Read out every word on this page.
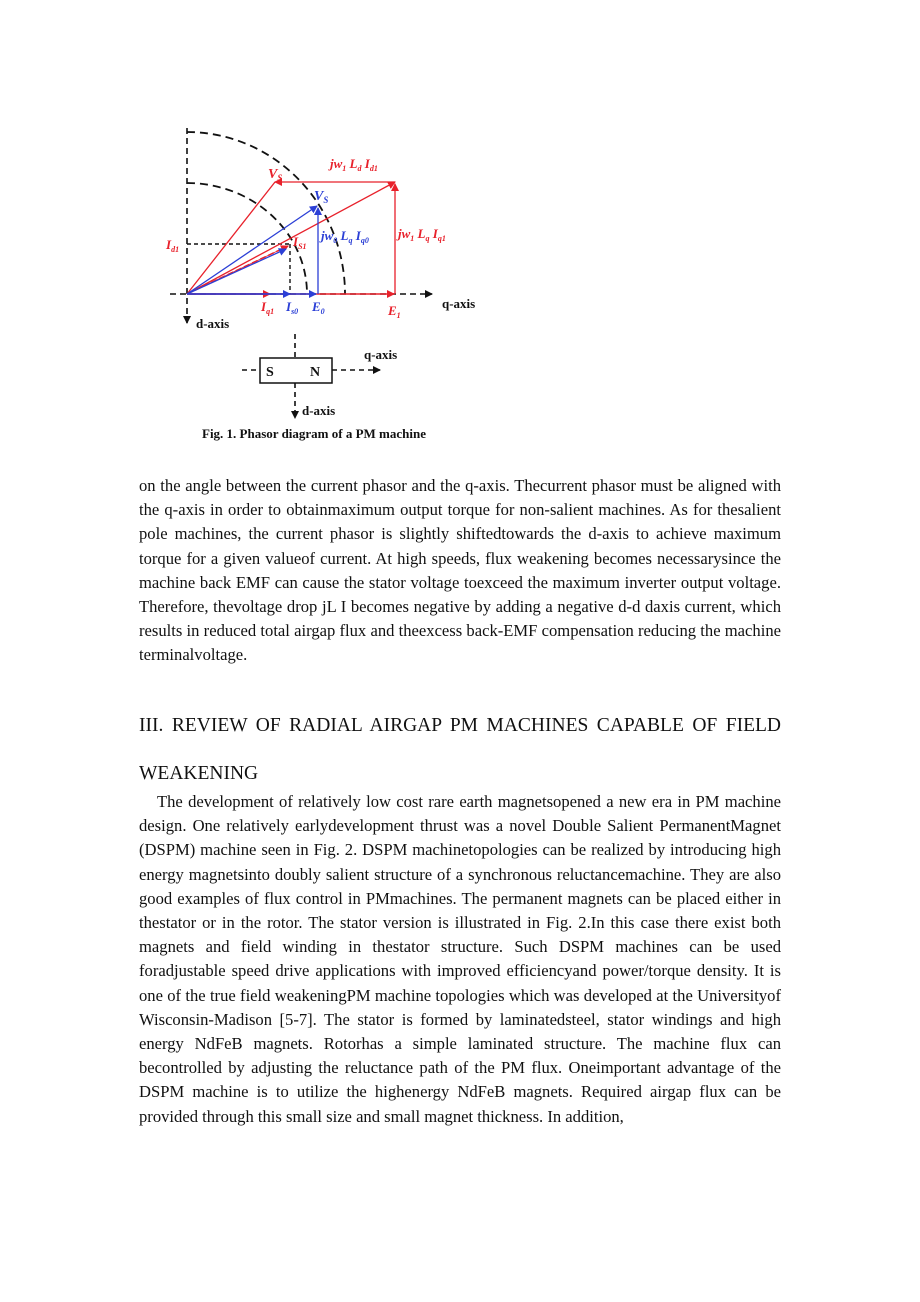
$V_S$
$jw_1$ $L_d$ $I_{d1}$
$jw_1$ $L_q$ $I_{q1}$
$I_{S1}$
$I_{d1}$
$I_{q1}$	$E_1$
$V_S$
$jw_0$ $L_q$ $I_{q0}$
$I_{s0}$ $E_0$
q-axis
d-axis
S	N
q-axis
d-axis
Fig. 1. Phasor diagram of a PM machine

on the angle between the current phasor and the q-axis. Thecurrent phasor must be aligned with the q-axis in order to obtainmaximum output torque for non-salient machines. As for thesalient pole machines, the current phasor is slightly shiftedtowards the d-axis to achieve maximum torque for a given valueof current. At high speeds, flux weakening becomes necessarysince the machine back EMF can cause the stator voltage toexceed the maximum inverter output voltage. Therefore, thevoltage drop jL I becomes negative by adding a negative d-d daxis current, which results in reduced total airgap flux and theexcess back-EMF compensation reducing the machine terminalvoltage.

III. REVIEW OF RADIAL AIRGAP PM MACHINES CAPABLE OF FIELD WEAKENING

The development of relatively low cost rare earth magnetsopened a new era in PM machine design. One relatively earlydevelopment thrust was a novel Double Salient PermanentMagnet (DSPM) machine seen in Fig. 2. DSPM machinetopologies can be realized by introducing high energy magnetsinto doubly salient structure of a synchronous reluctancemachine. They are also good examples of flux control in PMmachines. The permanent magnets can be placed either in thestator or in the rotor. The stator version is illustrated in Fig. 2.In this case there exist both magnets and field winding in thestator structure. Such DSPM machines can be used foradjustable speed drive applications with improved efficiencyand power/torque density. It is one of the true field weakeningPM machine topologies which was developed at the Universityof Wisconsin-Madison [5-7]. The stator is formed by laminatedsteel, stator windings and high energy NdFeB magnets. Rotorhas a simple laminated structure. The machine flux can becontrolled by adjusting the reluctance path of the PM flux. Oneimportant advantage of the DSPM machine is to utilize the highenergy NdFeB magnets. Required airgap flux can be provided through this small size and small magnet thickness. In addition,
